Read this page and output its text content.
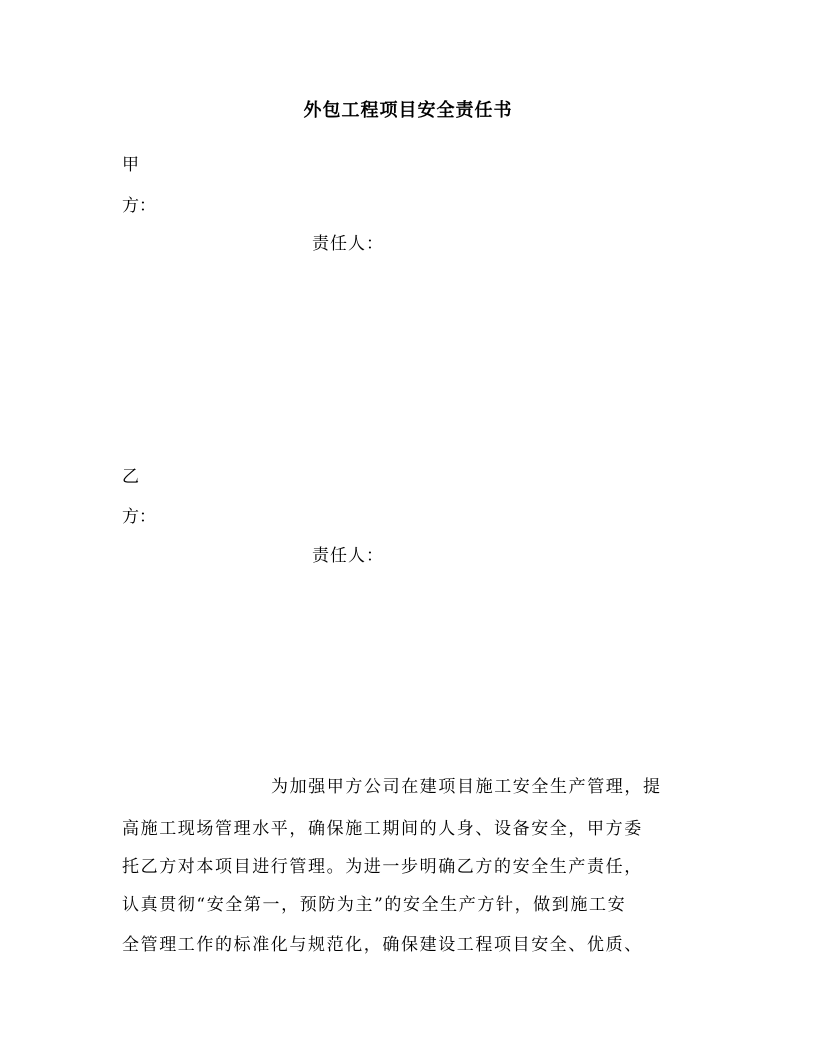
外包工程项目安全责任书
甲
方：
责任人：
乙
方：
责任人：
为加强甲方公司在建项目施工安全生产管理，提
高施工现场管理水平，确保施工期间的人身、设备安全，甲方委
托乙方对本项目进行管理。为进一步明确乙方的安全生产责任，
认真贯彻“安全第一，预防为主”的安全生产方针，做到施工安
全管理工作的标准化与规范化，确保建设工程项目安全、优质、
